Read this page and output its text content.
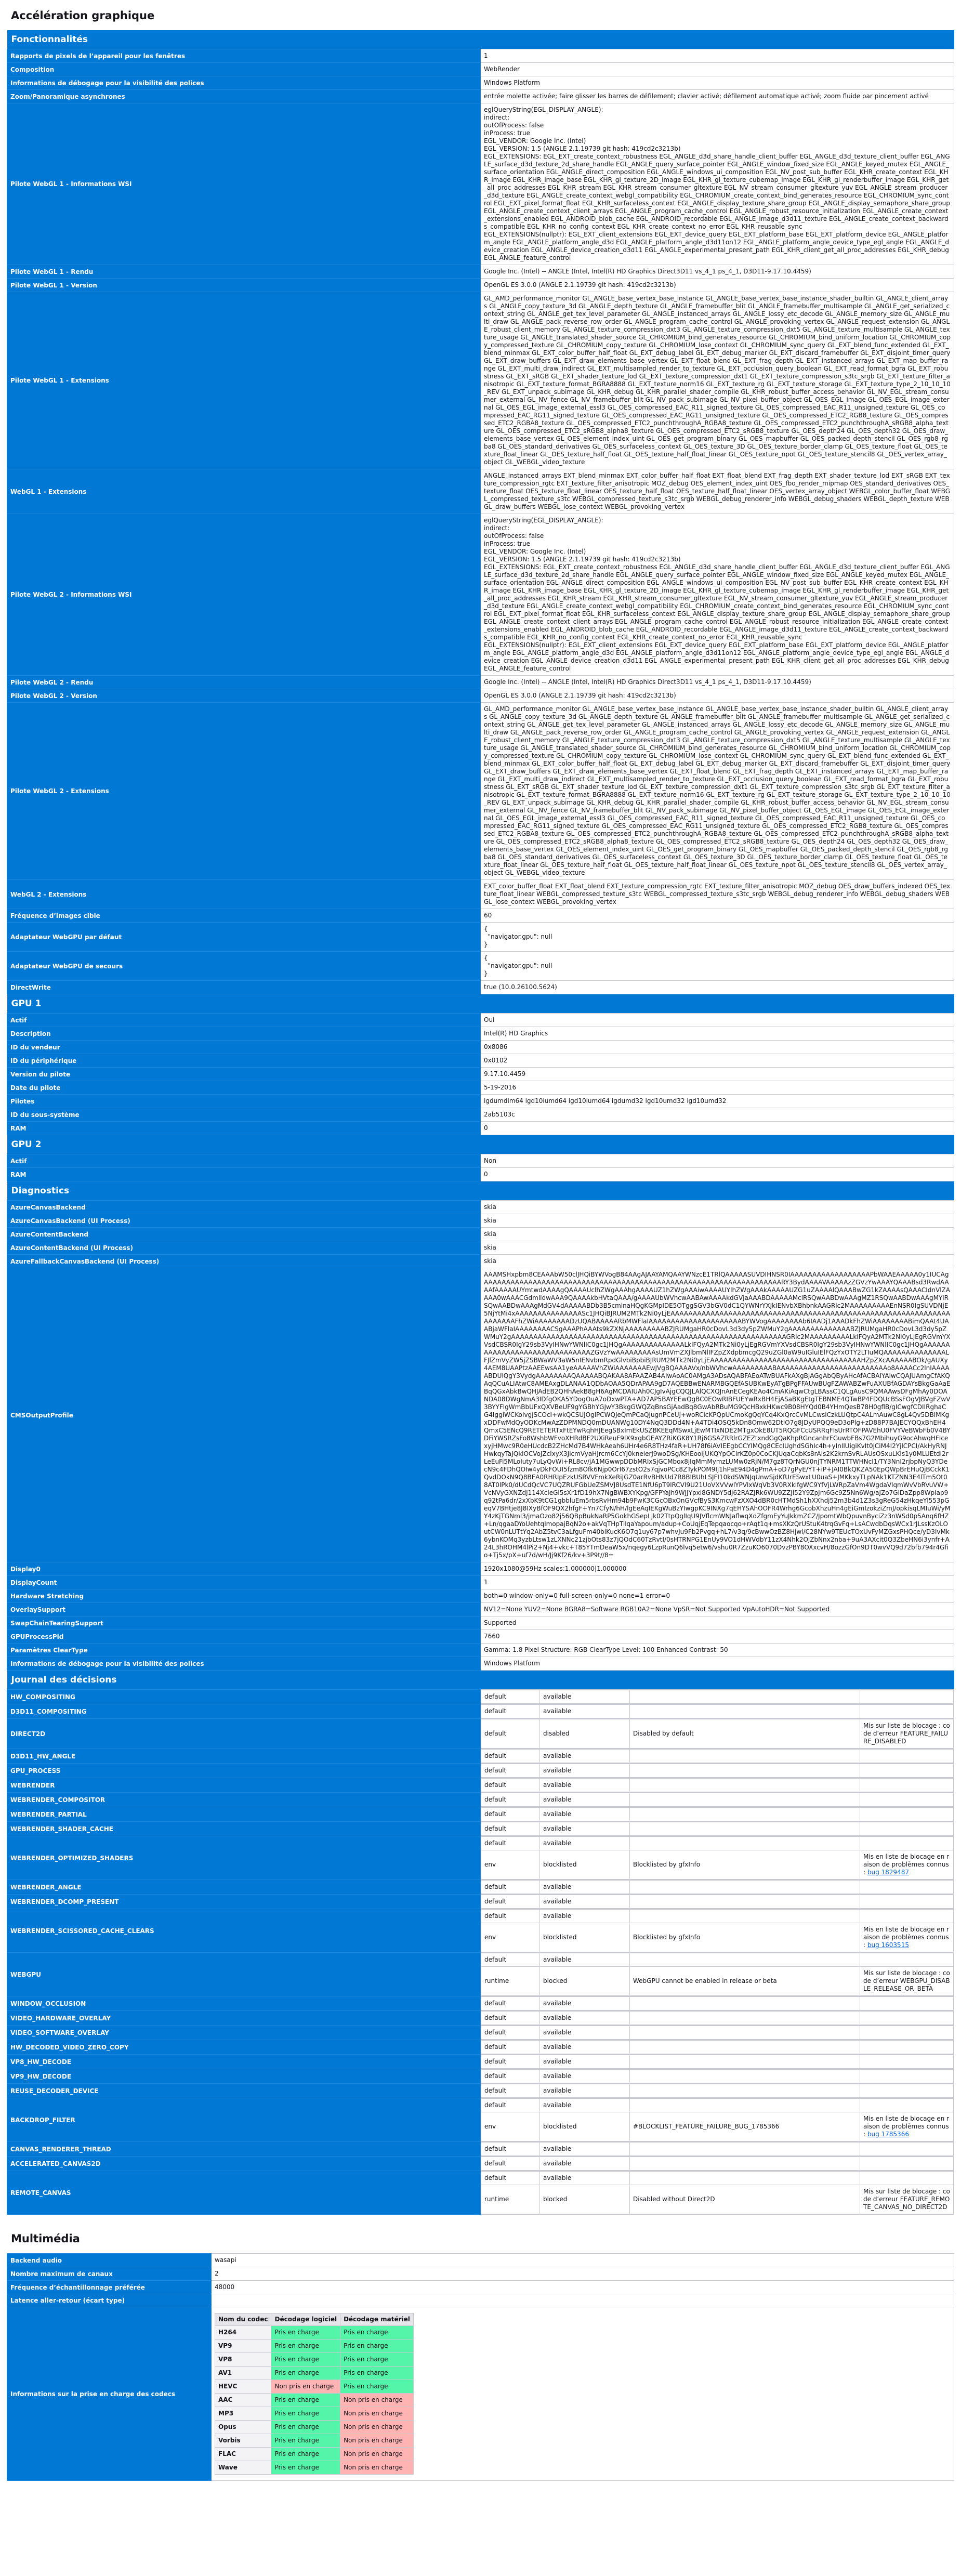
Accélération graphique
Fonctionnalités
Rapports de pixels de l’appareil pour les fenêtres	1
Composition	WebRender
Informations de débogage pour la visibilité des polices	Windows Platform
Zoom/Panoramique asynchrones	entrée molette activée; faire glisser les barres de défilement; clavier activé; défilement automatique activé; zoom fluide par pincement activé
Pilote WebGL 1 - Informations WSI	eglQueryString(EGL_DISPLAY_ANGLE):
indirect:
outOfProcess: false
inProcess: true
EGL_VENDOR: Google Inc. (Intel)
EGL_VERSION: 1.5 (ANGLE 2.1.19739 git hash: 419cd2c3213b)
EGL_EXTENSIONS: EGL_EXT_create_context_robustness EGL_ANGLE_d3d_share_handle_client_buffer EGL_ANGLE_d3d_texture_client_buffer EGL_ANGLE_surface_d3d_texture_2d_share_handle EGL_ANGLE_query_surface_pointer EGL_ANGLE_window_fixed_size EGL_ANGLE_keyed_mutex EGL_ANGLE_surface_orientation EGL_ANGLE_direct_composition EGL_ANGLE_windows_ui_composition EGL_NV_post_sub_buffer EGL_KHR_create_context EGL_KHR_image EGL_KHR_image_base EGL_KHR_gl_texture_2D_image EGL_KHR_gl_texture_cubemap_image EGL_KHR_gl_renderbuffer_image EGL_KHR_get_all_proc_addresses EGL_KHR_stream EGL_KHR_stream_consumer_gltexture EGL_NV_stream_consumer_gltexture_yuv EGL_ANGLE_stream_producer_d3d_texture EGL_ANGLE_create_context_webgl_compatibility EGL_CHROMIUM_create_context_bind_generates_resource EGL_CHROMIUM_sync_control EGL_EXT_pixel_format_float EGL_KHR_surfaceless_context EGL_ANGLE_display_texture_share_group EGL_ANGLE_display_semaphore_share_group EGL_ANGLE_create_context_client_arrays EGL_ANGLE_program_cache_control EGL_ANGLE_robust_resource_initialization EGL_ANGLE_create_context_extensions_enabled EGL_ANDROID_blob_cache EGL_ANDROID_recordable EGL_ANGLE_image_d3d11_texture EGL_ANGLE_create_context_backwards_compatible EGL_KHR_no_config_context EGL_KHR_create_context_no_error EGL_KHR_reusable_sync
EGL_EXTENSIONS(nullptr): EGL_EXT_client_extensions EGL_EXT_device_query EGL_EXT_platform_base EGL_EXT_platform_device EGL_ANGLE_platform_angle EGL_ANGLE_platform_angle_d3d EGL_ANGLE_platform_angle_d3d11on12 EGL_ANGLE_platform_angle_device_type_egl_angle EGL_ANGLE_device_creation EGL_ANGLE_device_creation_d3d11 EGL_ANGLE_experimental_present_path EGL_KHR_client_get_all_proc_addresses EGL_KHR_debug EGL_ANGLE_feature_control
Pilote WebGL 1 - Rendu	Google Inc. (Intel) -- ANGLE (Intel, Intel(R) HD Graphics Direct3D11 vs_4_1 ps_4_1, D3D11-9.17.10.4459)
Pilote WebGL 1 - Version	OpenGL ES 3.0.0 (ANGLE 2.1.19739 git hash: 419cd2c3213b)
Pilote WebGL 1 - Extensions	GL_AMD_performance_monitor GL_ANGLE_base_vertex_base_instance GL_ANGLE_base_vertex_base_instance_shader_builtin GL_ANGLE_client_arrays GL_ANGLE_copy_texture_3d GL_ANGLE_depth_texture GL_ANGLE_framebuffer_blit GL_ANGLE_framebuffer_multisample GL_ANGLE_get_serialized_context_string GL_ANGLE_get_tex_level_parameter GL_ANGLE_instanced_arrays GL_ANGLE_lossy_etc_decode GL_ANGLE_memory_size GL_ANGLE_multi_draw GL_ANGLE_pack_reverse_row_order GL_ANGLE_program_cache_control GL_ANGLE_provoking_vertex GL_ANGLE_request_extension GL_ANGLE_robust_client_memory GL_ANGLE_texture_compression_dxt3 GL_ANGLE_texture_compression_dxt5 GL_ANGLE_texture_multisample GL_ANGLE_texture_usage GL_ANGLE_translated_shader_source GL_CHROMIUM_bind_generates_resource GL_CHROMIUM_bind_uniform_location GL_CHROMIUM_copy_compressed_texture GL_CHROMIUM_copy_texture GL_CHROMIUM_lose_context GL_CHROMIUM_sync_query GL_EXT_blend_func_extended GL_EXT_blend_minmax GL_EXT_color_buffer_half_float GL_EXT_debug_label GL_EXT_debug_marker GL_EXT_discard_framebuffer GL_EXT_disjoint_timer_query GL_EXT_draw_buffers GL_EXT_draw_elements_base_vertex GL_EXT_float_blend GL_EXT_frag_depth GL_EXT_instanced_arrays GL_EXT_map_buffer_range GL_EXT_multi_draw_indirect GL_EXT_multisampled_render_to_texture GL_EXT_occlusion_query_boolean GL_EXT_read_format_bgra GL_EXT_robustness GL_EXT_sRGB GL_EXT_shader_texture_lod GL_EXT_texture_compression_dxt1 GL_EXT_texture_compression_s3tc_srgb GL_EXT_texture_filter_anisotropic GL_EXT_texture_format_BGRA8888 GL_EXT_texture_norm16 GL_EXT_texture_rg GL_EXT_texture_storage GL_EXT_texture_type_2_10_10_10_REV GL_EXT_unpack_subimage GL_KHR_debug GL_KHR_parallel_shader_compile GL_KHR_robust_buffer_access_behavior GL_NV_EGL_stream_consumer_external GL_NV_fence GL_NV_framebuffer_blit GL_NV_pack_subimage GL_NV_pixel_buffer_object GL_OES_EGL_image GL_OES_EGL_image_external GL_OES_EGL_image_external_essl3 GL_OES_compressed_EAC_R11_signed_texture GL_OES_compressed_EAC_R11_unsigned_texture GL_OES_compressed_EAC_RG11_signed_texture GL_OES_compressed_EAC_RG11_unsigned_texture GL_OES_compressed_ETC2_RGB8_texture GL_OES_compressed_ETC2_RGBA8_texture GL_OES_compressed_ETC2_punchthroughA_RGBA8_texture GL_OES_compressed_ETC2_punchthroughA_sRGB8_alpha_texture GL_OES_compressed_ETC2_sRGB8_alpha8_texture GL_OES_compressed_ETC2_sRGB8_texture GL_OES_depth24 GL_OES_depth32 GL_OES_draw_elements_base_vertex GL_OES_element_index_uint GL_OES_get_program_binary GL_OES_mapbuffer GL_OES_packed_depth_stencil GL_OES_rgb8_rgba8 GL_OES_standard_derivatives GL_OES_surfaceless_context GL_OES_texture_3D GL_OES_texture_border_clamp GL_OES_texture_float GL_OES_texture_float_linear GL_OES_texture_half_float GL_OES_texture_half_float_linear GL_OES_texture_npot GL_OES_texture_stencil8 GL_OES_vertex_array_object GL_WEBGL_video_texture
WebGL 1 - Extensions	ANGLE_instanced_arrays EXT_blend_minmax EXT_color_buffer_half_float EXT_float_blend EXT_frag_depth EXT_shader_texture_lod EXT_sRGB EXT_texture_compression_rgtc EXT_texture_filter_anisotropic MOZ_debug OES_element_index_uint OES_fbo_render_mipmap OES_standard_derivatives OES_texture_float OES_texture_float_linear OES_texture_half_float OES_texture_half_float_linear OES_vertex_array_object WEBGL_color_buffer_float WEBGL_compressed_texture_s3tc WEBGL_compressed_texture_s3tc_srgb WEBGL_debug_renderer_info WEBGL_debug_shaders WEBGL_depth_texture WEBGL_draw_buffers WEBGL_lose_context WEBGL_provoking_vertex
Pilote WebGL 2 - Informations WSI	eglQueryString(EGL_DISPLAY_ANGLE):
indirect:
outOfProcess: false
inProcess: true
EGL_VENDOR: Google Inc. (Intel)
EGL_VERSION: 1.5 (ANGLE 2.1.19739 git hash: 419cd2c3213b)
EGL_EXTENSIONS: EGL_EXT_create_context_robustness EGL_ANGLE_d3d_share_handle_client_buffer EGL_ANGLE_d3d_texture_client_buffer EGL_ANGLE_surface_d3d_texture_2d_share_handle EGL_ANGLE_query_surface_pointer EGL_ANGLE_window_fixed_size EGL_ANGLE_keyed_mutex EGL_ANGLE_surface_orientation EGL_ANGLE_direct_composition EGL_ANGLE_windows_ui_composition EGL_NV_post_sub_buffer EGL_KHR_create_context EGL_KHR_image EGL_KHR_image_base EGL_KHR_gl_texture_2D_image EGL_KHR_gl_texture_cubemap_image EGL_KHR_gl_renderbuffer_image EGL_KHR_get_all_proc_addresses EGL_KHR_stream EGL_KHR_stream_consumer_gltexture EGL_NV_stream_consumer_gltexture_yuv EGL_ANGLE_stream_producer_d3d_texture EGL_ANGLE_create_context_webgl_compatibility EGL_CHROMIUM_create_context_bind_generates_resource EGL_CHROMIUM_sync_control EGL_EXT_pixel_format_float EGL_KHR_surfaceless_context EGL_ANGLE_display_texture_share_group EGL_ANGLE_display_semaphore_share_group EGL_ANGLE_create_context_client_arrays EGL_ANGLE_program_cache_control EGL_ANGLE_robust_resource_initialization EGL_ANGLE_create_context_extensions_enabled EGL_ANDROID_blob_cache EGL_ANDROID_recordable EGL_ANGLE_image_d3d11_texture EGL_ANGLE_create_context_backwards_compatible EGL_KHR_no_config_context EGL_KHR_create_context_no_error EGL_KHR_reusable_sync
EGL_EXTENSIONS(nullptr): EGL_EXT_client_extensions EGL_EXT_device_query EGL_EXT_platform_base EGL_EXT_platform_device EGL_ANGLE_platform_angle EGL_ANGLE_platform_angle_d3d EGL_ANGLE_platform_angle_d3d11on12 EGL_ANGLE_platform_angle_device_type_egl_angle EGL_ANGLE_device_creation EGL_ANGLE_device_creation_d3d11 EGL_ANGLE_experimental_present_path EGL_KHR_client_get_all_proc_addresses EGL_KHR_debug EGL_ANGLE_feature_control
Pilote WebGL 2 - Rendu	Google Inc. (Intel) -- ANGLE (Intel, Intel(R) HD Graphics Direct3D11 vs_4_1 ps_4_1, D3D11-9.17.10.4459)
Pilote WebGL 2 - Version	OpenGL ES 3.0.0 (ANGLE 2.1.19739 git hash: 419cd2c3213b)
Pilote WebGL 2 - Extensions	GL_AMD_performance_monitor GL_ANGLE_base_vertex_base_instance GL_ANGLE_base_vertex_base_instance_shader_builtin GL_ANGLE_client_arrays GL_ANGLE_copy_texture_3d GL_ANGLE_depth_texture GL_ANGLE_framebuffer_blit GL_ANGLE_framebuffer_multisample GL_ANGLE_get_serialized_context_string GL_ANGLE_get_tex_level_parameter GL_ANGLE_instanced_arrays GL_ANGLE_lossy_etc_decode GL_ANGLE_memory_size GL_ANGLE_multi_draw GL_ANGLE_pack_reverse_row_order GL_ANGLE_program_cache_control GL_ANGLE_provoking_vertex GL_ANGLE_request_extension GL_ANGLE_robust_client_memory GL_ANGLE_texture_compression_dxt3 GL_ANGLE_texture_compression_dxt5 GL_ANGLE_texture_multisample GL_ANGLE_texture_usage GL_ANGLE_translated_shader_source GL_CHROMIUM_bind_generates_resource GL_CHROMIUM_bind_uniform_location GL_CHROMIUM_copy_compressed_texture GL_CHROMIUM_copy_texture GL_CHROMIUM_lose_context GL_CHROMIUM_sync_query GL_EXT_blend_func_extended GL_EXT_blend_minmax GL_EXT_color_buffer_half_float GL_EXT_debug_label GL_EXT_debug_marker GL_EXT_discard_framebuffer GL_EXT_disjoint_timer_query GL_EXT_draw_buffers GL_EXT_draw_elements_base_vertex GL_EXT_float_blend GL_EXT_frag_depth GL_EXT_instanced_arrays GL_EXT_map_buffer_range GL_EXT_multi_draw_indirect GL_EXT_multisampled_render_to_texture GL_EXT_occlusion_query_boolean GL_EXT_read_format_bgra GL_EXT_robustness GL_EXT_sRGB GL_EXT_shader_texture_lod GL_EXT_texture_compression_dxt1 GL_EXT_texture_compression_s3tc_srgb GL_EXT_texture_filter_anisotropic GL_EXT_texture_format_BGRA8888 GL_EXT_texture_norm16 GL_EXT_texture_rg GL_EXT_texture_storage GL_EXT_texture_type_2_10_10_10_REV GL_EXT_unpack_subimage GL_KHR_debug GL_KHR_parallel_shader_compile GL_KHR_robust_buffer_access_behavior GL_NV_EGL_stream_consumer_external GL_NV_fence GL_NV_framebuffer_blit GL_NV_pack_subimage GL_NV_pixel_buffer_object GL_OES_EGL_image GL_OES_EGL_image_external GL_OES_EGL_image_external_essl3 GL_OES_compressed_EAC_R11_signed_texture GL_OES_compressed_EAC_R11_unsigned_texture GL_OES_compressed_EAC_RG11_signed_texture GL_OES_compressed_EAC_RG11_unsigned_texture GL_OES_compressed_ETC2_RGB8_texture GL_OES_compressed_ETC2_RGBA8_texture GL_OES_compressed_ETC2_punchthroughA_RGBA8_texture GL_OES_compressed_ETC2_punchthroughA_sRGB8_alpha_texture GL_OES_compressed_ETC2_sRGB8_alpha8_texture GL_OES_compressed_ETC2_sRGB8_texture GL_OES_depth24 GL_OES_depth32 GL_OES_draw_elements_base_vertex GL_OES_element_index_uint GL_OES_get_program_binary GL_OES_mapbuffer GL_OES_packed_depth_stencil GL_OES_rgb8_rgba8 GL_OES_standard_derivatives GL_OES_surfaceless_context GL_OES_texture_3D GL_OES_texture_border_clamp GL_OES_texture_float GL_OES_texture_float_linear GL_OES_texture_half_float GL_OES_texture_half_float_linear GL_OES_texture_npot GL_OES_texture_stencil8 GL_OES_vertex_array_object GL_WEBGL_video_texture
WebGL 2 - Extensions	EXT_color_buffer_float EXT_float_blend EXT_texture_compression_rgtc EXT_texture_filter_anisotropic MOZ_debug OES_draw_buffers_indexed OES_texture_float_linear WEBGL_compressed_texture_s3tc WEBGL_compressed_texture_s3tc_srgb WEBGL_debug_renderer_info WEBGL_debug_shaders WEBGL_lose_context WEBGL_provoking_vertex
Fréquence d’images cible	60
Adaptateur WebGPU par défaut	{
"navigator.gpu": null
}
Adaptateur WebGPU de secours	{
"navigator.gpu": null
}
DirectWrite	true (10.0.26100.5624)
GPU 1
Actif	Oui
Description	Intel(R) HD Graphics
ID du vendeur	0x8086
ID du périphérique	0x0102
Version du pilote	9.17.10.4459
Date du pilote	5-19-2016
Pilotes	igdumdim64 igd10iumd64 igd10iumd64 igdumd32 igd10umd32 igd10umd32
ID du sous-système	2ab5103c
RAM	0
GPU 2
Actif	Non
RAM	0
Diagnostics
AzureCanvasBackend	skia
AzureCanvasBackend (UI Process)	skia
AzureContentBackend	skia
AzureContentBackend (UI Process)	skia
AzureFallbackCanvasBackend (UI Process)	skia
CMSOutputProfile	AAAMSHxpbm8CEAAAbW50clJHQiBYWVogB84AAgAJAAYAMQAAYWNzcE1TRlQAAAAASUVDIHNSR0IAAAAAAAAAAAAAAAAAAPbWAAEAAAAA0y1IUCAgAAAAAAAAAAAAAAAAAAAAAAAAAAAAAAAAAAAAAAAAAAAAAAAAAAAAAAAAAAAAAAAAAAARY3BydAAAAVAAAAAzZGVzYwAAAYQAAABsd3RwdAAAAfAAAAAUYmtwdAAAAgQAAAAUclhZWgAAAhgAAAAUZ1hZWgAAAiwAAAAUYlhZWgAAAkAAAAAUZG1uZAAAAlQAAABwZG1kZAAAAsQAAACIdnVlZAAAA0wAAACGdmlldwAAA9QAAAAkbHVtaQAAA/gAAAAUbWVhcwAABAwAAAAkdGVjaAAABDAAAAAMclRSQwAABDwAAAgMZ1RSQwAABDwAAAgMYlRSQwAABDwAAAgMdGV4dAAAAABDb3B5cmlnaHQgKGMpIDE5OTggSGV3bGV0dC1QYWNrYXJkIENvbXBhbnkAAGRlc2MAAAAAAAAAEnNSR0IgSUVDNjE5NjYtMi4xAAAAAAAAAAAAAAASc1JHQiBJRUM2MTk2Ni0yLjEAAAAAAAAAAAAAAAAAAAAAAAAAAAAAAAAAAAAAAAAAAAAAAAAAAAAAAAAAAAAAAAAAAAAAAFhZWiAAAAAAAADzUQABAAAAARbMWFlaIAAAAAAAAAAAAAAAAAAAAABYWVogAAAAAAAAb6IAADj1AAADkFhZWiAAAAAAAABimQAAt4UAABjaWFlaIAAAAAAAACSgAAAPhAAAts9kZXNjAAAAAAAAABZJRUMgaHR0cDovL3d3dy5pZWMuY2gAAAAAAAAAAAAAABZJRUMgaHR0cDovL3d3dy5pZWMuY2gAAAAAAAAAAAAAAAAAAAAAAAAAAAAAAAAAAAAAAAAAAAAAAAAAAAAAAAAAAAAAAGRlc2MAAAAAAAAALklFQyA2MTk2Ni0yLjEgRGVmYXVsdCBSR0IgY29sb3VyIHNwYWNlIC0gc1JHQgAAAAAAAAAAAAAALklFQyA2MTk2Ni0yLjEgRGVmYXVsdCBSR0IgY29sb3VyIHNwYWNlIC0gc1JHQgAAAAAAAAAAAAAAAAAAAAAAAAAAAAAAZGVzYwAAAAAAAAAsUmVmZXJlbmNlIFZpZXdpbmcgQ29uZGl0aW9uIGluIElFQzYxOTY2LTIuMQAAAAAAAAAAAAAALFJlZmVyZW5jZSBWaWV3aW5nIENvbmRpdGlvbiBpbiBJRUM2MTk2Ni0yLjEAAAAAAAAAAAAAAAAAAAAAAAAAAAAAAAAAAHZpZXcAAAAAABOk/gAUXy4AEM8UAAPtzAAEEwsAA1yeAAAAAVhZWiAAAAAAAEwJVgBQAAAAVx/nbWVhcwAAAAAAAAABAAAAAAAAAAAAAAAAAAAAAAAAAo8AAAACc2lnIAAAAABDUlQgY3VydgAAAAAAAAQAAAAABQAKAA8AFAAZAB4AIwAoAC0AMgA3ADsAQABFAEoATwBUAFkAXgBjAGgAbQByAHcAfACBAIYAiwCQAJUAmgCfAKQAqQCuALIAtwC8AMEAxgDLANAA1QDbAOAA5QDrAPAA9gD7AQEBBwENARMBGQEfASUBKwEyATgBPgFFAUwBUgFZAWABZwFuAXUBfAGDAYsBkgGaAaEBqQGxAbkBwQHJAdEB2QHhAekB8gH6AgMCDAIUAh0CJgIvAjgCQQJLAlQCXQJnAnECegKEAo4CmAKiAqwCtgLBAssC1QLgAusC9QMAAwsDFgMhAy0DOANDA08DWgNmA3IDfgOKA5YDogOuA7oDxwPTA+AD7AP5BAYEEwQgBC0EOwRIBFUEYwRxBH4EjASaBKgEtgTEBNME4QTwBP4FDQUcBSsFOgVJBVgFZwV3BYYFlgWmBbUFxQXVBeUF9gYGBhYGJwY3BkgGWQZqBnsGjAadBq8GwAbRBuMG9QcHBxkHKwc9B08HYQd0B4YHmQesB78H0gflB/gICwgfCDIIRghaCG4IggiWCKoIvgjSCOcI+wkQCSUJOglPCWQJeQmPCaQJugnPCeUJ+woRCicKPQpUCmoKgQqYCq4KxQrcCvMLCwsiCzkLUQtpC4ALmAuwC8gL4Qv5DBIMKgxDDFwMdQyODKcMwAzZDPMNDQ0mDUANWg10DY4NqQ3DDd4N+A4TDi4OSQ5kDn8Omw62DtIO7g8JDyUPQQ9eD3oPlg+zD88P7BAJECYQQxBhEH4QmxC5ENcQ9RETETERTxFtEYwRqhHJEegSBxImEkUSZBKEEqMSwxLjEwMTIxNDE2MTgxOkE8UT5RQGFCcUSRRqFIsUrRTOFPAVEhU0FVYVeBWbFb0V4BYDFiYWSRZsFo8WshbWFvoXHRdBF2UXiReuF9IX9xgbGEAYZRiKGK8Y1Rj6GSAZRRlrGZEZtxndGgQaKhpRGncanhrFGuwbFBs7G2MbihuyG9ocAhwqHFIcexyjHMwc9R0eHUcdcB2ZHcMd7B4WHkAeah6UHr4e6R8THz4faR+UH78f6iAVIEEgbCCYIMQg8CEcIUghdSGhIc4h+yInIlUigiKvIt0jCiM4I2YjlCPCI/AkHyRNJHwkqyTaJQklOCVoJZclxyX3JicmVyaHJrcm6CcYJ0kneierJ9woDSg/KHEooijUKQYpOClrKZ0p0CoCKjUqaCqbKs8rAis2K2krnSvRLAUsOSxuLKIs1y0MLUEtdi2rLeEuFi5MLoIuty7uLyQvWi+RL8cv/jA1MGwwpDDbMRIxSjGCMbox8jIqMmMymzLUMw0zRjN/M7gz8TQrNGU0njTYNRM1TTWHNcI1/TY3NnI2rjbpNyQ3YDecN9c4FDhQOIw4yDkFOUI5fzm8Ofk6Njp0OrI67zstO2s7qjvoPCc8ZTykPOM9Ij1hPaE94D4gPmA+oD7gPyE/YT+iP+JAI0BkQKZA50EpQWpBrEHuQjBCckK1QvdDOkN9Q8BEA0RHRIpEzkUSRVVFmkXeRiJGZ0arRvBHNUd7R8BIBUhLSJFI10kdSWNJqUnwSjdKfUrESwxLU0uaS+JMKkxyTLpNAk1KTZNN3E4lTm5Ot08AT0lPk0/dUCdQcVC7UQZRUFGbUeZSMVJ8UsdTE1NfU6pT9lRCVI9U21UoVXVVwlYPVlxWqVb3V0RXklfgWC9YfVjLWRpZaVm4WgdaVlqmWvVbRVuVW+VcNVyGXNZdJ114XcleGl5sXr1fD19hX7NgBWBXYKpg/GFPYaJh9WJJYpxi8GNDY5dj62RAZJRk6WU9ZZJl52Y9ZpJm6Gc9Z5Nn6Wg/aJZo7GlDaZpp8WpIap9q92tPa6dr/2xXbK9tCG1gbbluEm5rbsRvHm94b9FwK3CGcOBxOnGVcfByS3KmcwFzXXO4dBR0cHTMdSh1hXXhdj52m3b4d1Z3s3gReG54zHkqeYl553pGeqV7BHtje8J8IXyBfOF9QX2hfgF+Yn7CfyN/hH/lgEeAqIEKgWuBzYIwgpKC9INXg7qEHYSAhOOFR4Wrhg6GcobXhzuHn4gEiGmIzokziZmJ/opkisqLMIuWi/yMY4zKjTGNmI3/jmaOzo82j56QBpBukNaRP5GokhGSepLjk02TtpQglIqU9JVflcmWNJaflwqXdZfgmEyYuJkkmZCZ/JpomtWbQpuvnByciZz3nWSd0p5Anq6fHZ+Ln/qgaaDYoUehtqImopajBqN2o+akVqTHpTilqaYapoum/adup+CoUqjEqTepqaocqo+rAqt1q+msXKzQrUStuK4trqGvFq+LsACwdbDqsWCx1rJLssKzOLOutCW0nLUTtYq2AbZ5tvC3aLfguFm40blKucK6O7q1uy67p7whvJu9Fb2Pvgq+hL7/v3q/9cBwwOzBZ8Hjwl/C28NYw9TEUcTOxUvFyMZGxsPHQce/yD3IvMk6ybnKOMq3yzbLtsw1zLXNNc21zjbOts83z7jQOdC60TzRvtI/0sHTRNPG1EnUy9VO1dHWVdbY11zX4Nhk2OjZbNnx2nba+9uA3AXcit0Q3ZbeHN6i3ynfr+A24L3hROHM4lPi2+Nj4+vkc+T85YTmDeaW5x/nqegy6LzpRunQ6lvq5etw6/vshu0R7ZzuKO6070DvzPBY8OXxcvH/8ozzGfOn9DT0wvVQ9d72bfb794r4Gfio+Tj5x/pX+uf7d/wH/Jj9Kf26/kv+3P9t//8=
Display0	1920x1080@59Hz scales:1.000000|1.000000
DisplayCount	1
Hardware Stretching	both=0 window-only=0 full-screen-only=0 none=1 error=0
OverlaySupport	NV12=None YUV2=None BGRA8=Software RGB10A2=None VpSR=Not Supported VpAutoHDR=Not Supported
SwapChainTearingSupport	Supported
GPUProcessPid	7660
Paramètres ClearType	Gamma: 1.8 Pixel Structure: RGB ClearType Level: 100 Enhanced Contrast: 50
Informations de débogage pour la visibilité des polices	Windows Platform
Journal des décisions
HW_COMPOSITING		default	available		

D3D11_COMPOSITING		default	available		

DIRECT2D		default	disabled	Disabled by default	Mis sur liste de blocage : code d’erreur FEATURE_FAILURE_DISABLED

D3D11_HW_ANGLE		default	available		

GPU_PROCESS		default	available		

WEBRENDER		default	available		

WEBRENDER_COMPOSITOR		default	available		

WEBRENDER_PARTIAL		default	available		

WEBRENDER_SHADER_CACHE		default	available		

WEBRENDER_OPTIMIZED_SHADERS	
default	available		
env	blocklisted	Blocklisted by gfxInfo	Mis en liste de blocage en raison de problèmes connus : bug 1829487

WEBRENDER_ANGLE		default	available		

WEBRENDER_DCOMP_PRESENT		default	available		

WEBRENDER_SCISSORED_CACHE_CLEARS	
default	available		
env	blocklisted	Blocklisted by gfxInfo	Mis en liste de blocage en raison de problèmes connus : bug 1603515

WEBGPU	
default	available		
runtime	blocked	WebGPU cannot be enabled in release or beta	Mis sur liste de blocage : code d’erreur WEBGPU_DISABLE_RELEASE_OR_BETA

WINDOW_OCCLUSION		default	available		

VIDEO_HARDWARE_OVERLAY		default	available		

VIDEO_SOFTWARE_OVERLAY		default	available		

HW_DECODED_VIDEO_ZERO_COPY		default	available		

VP8_HW_DECODE		default	available		

VP9_HW_DECODE		default	available		

REUSE_DECODER_DEVICE		default	available		

BACKDROP_FILTER	
default	available		
env	blocklisted	#BLOCKLIST_FEATURE_FAILURE_BUG_1785366	Mis en liste de blocage en raison de problèmes connus : bug 1785366

CANVAS_RENDERER_THREAD		default	available		

ACCELERATED_CANVAS2D		default	available		

REMOTE_CANVAS	
default	available		
runtime	blocked	Disabled without Direct2D	Mis sur liste de blocage : code d’erreur FEATURE_REMOTE_CANVAS_NO_DIRECT2D
Multimédia
Backend audio	wasapi
Nombre maximum de canaux	2
Fréquence d’échantillonnage préférée	48000
Latence aller-retour (écart type)	
Informations sur la prise en charge des codecs	
Nom du codec	Décodage logiciel	Décodage matériel
H264	Pris en charge	Pris en charge
VP9	Pris en charge	Pris en charge
VP8	Pris en charge	Pris en charge
AV1	Pris en charge	Pris en charge
HEVC	Non pris en charge	Pris en charge
AAC	Pris en charge	Non pris en charge
MP3	Pris en charge	Non pris en charge
Opus	Pris en charge	Non pris en charge
Vorbis	Pris en charge	Non pris en charge
FLAC	Pris en charge	Non pris en charge
Wave	Pris en charge	Non pris en charge
